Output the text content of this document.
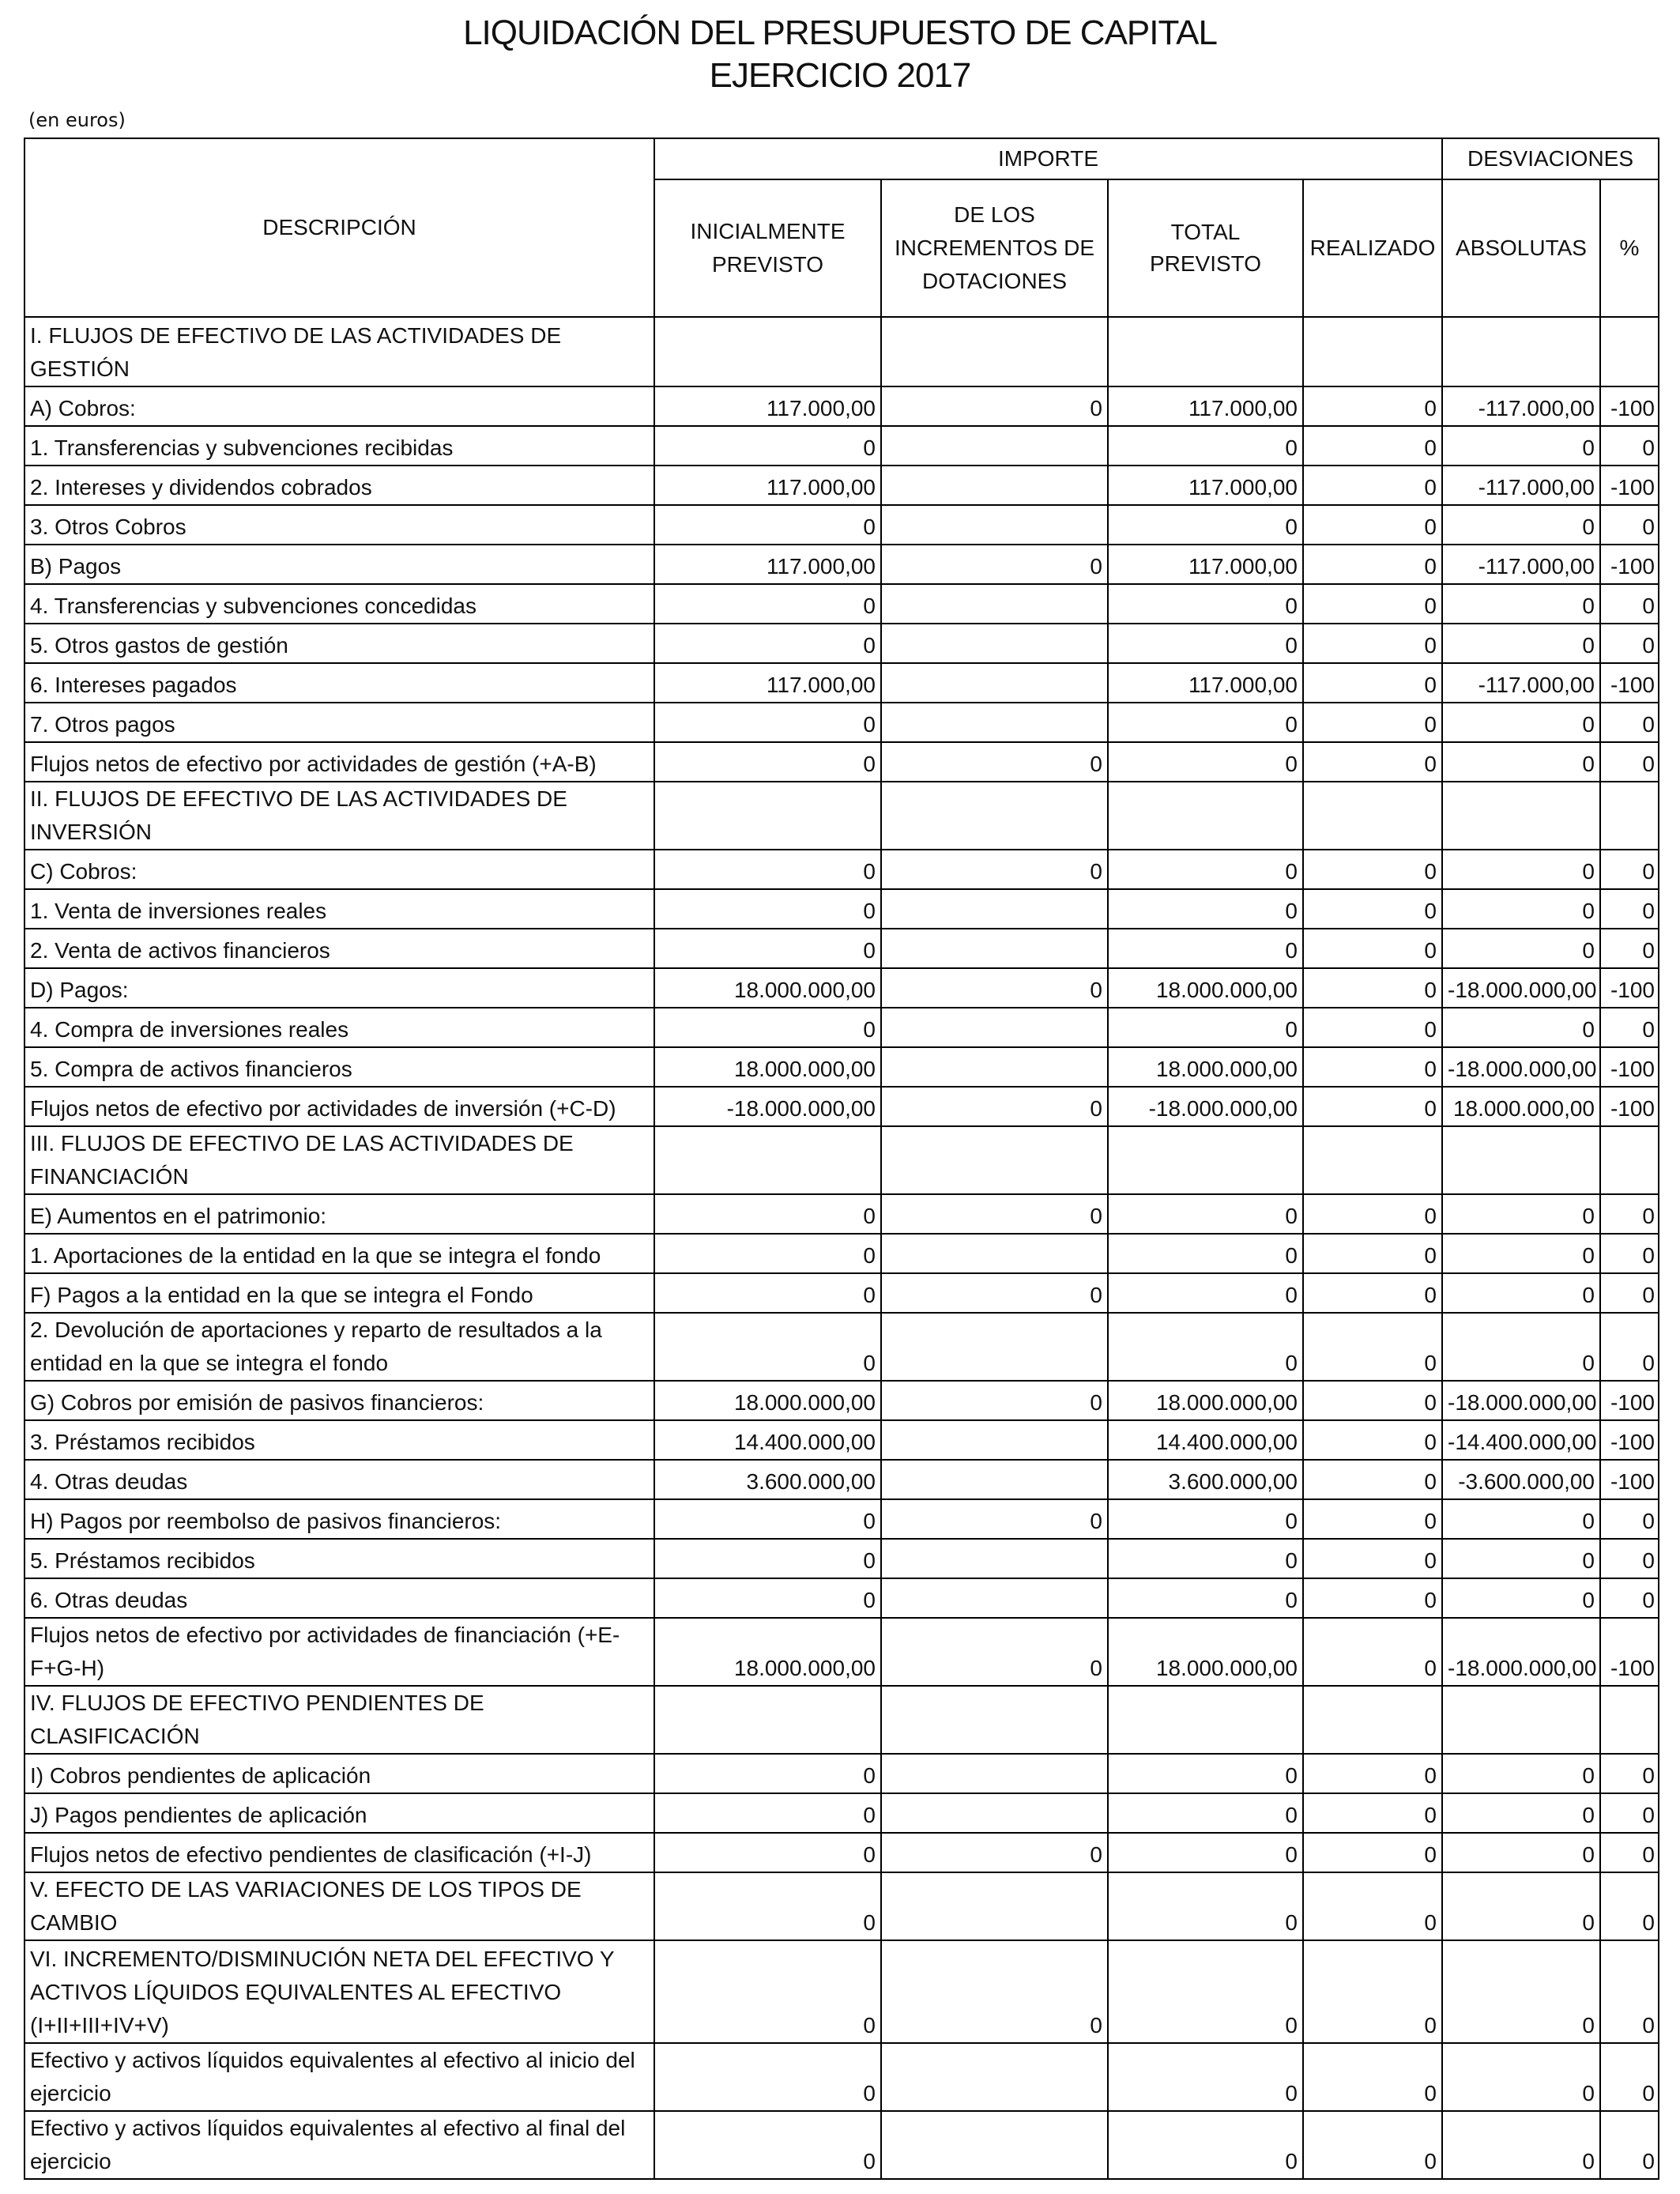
LIQUIDACIÓN DEL PRESUPUESTO DE CAPITAL
EJERCICIO 2017
(en euros)
DESCRIPCIÓN	IMPORTE				DESVIACIONES	
	INICIALMENTE PREVISTO	DE LOS INCREMENTOS DE DOTACIONES	TOTAL PREVISTO	REALIZADO	ABSOLUTAS	%
I. FLUJOS DE EFECTIVO DE LAS ACTIVIDADES DE GESTIÓN						
A) Cobros:	117.000,00	0	117.000,00	0	-117.000,00	-100
1. Transferencias y subvenciones recibidas	0		0	0	0	0
2. Intereses y dividendos cobrados	117.000,00		117.000,00	0	-117.000,00	-100
3. Otros Cobros	0		0	0	0	0
B) Pagos	117.000,00	0	117.000,00	0	-117.000,00	-100
4. Transferencias y subvenciones concedidas	0		0	0	0	0
5. Otros gastos de gestión	0		0	0	0	0
6. Intereses pagados	117.000,00		117.000,00	0	-117.000,00	-100
7. Otros pagos	0		0	0	0	0
Flujos netos de efectivo por actividades de gestión (+A-B)	0	0	0	0	0	0
II. FLUJOS DE EFECTIVO DE LAS ACTIVIDADES DE INVERSIÓN						
C) Cobros:	0	0	0	0	0	0
1. Venta de inversiones reales	0		0	0	0	0
2. Venta de activos financieros	0		0	0	0	0
D) Pagos:	18.000.000,00	0	18.000.000,00	0	-18.000.000,00	-100
4. Compra de inversiones reales	0		0	0	0	0
5. Compra de activos financieros	18.000.000,00		18.000.000,00	0	-18.000.000,00	-100
Flujos netos de efectivo por actividades de inversión (+C-D)	-18.000.000,00	0	-18.000.000,00	0	18.000.000,00	-100
III. FLUJOS DE EFECTIVO DE LAS ACTIVIDADES DE FINANCIACIÓN						
E) Aumentos en el patrimonio:	0	0	0	0	0	0
1. Aportaciones de la entidad en la que se integra el fondo	0		0	0	0	0
F) Pagos a la entidad en la que se integra el Fondo	0	0	0	0	0	0
2. Devolución de aportaciones y reparto de resultados a la entidad en la que se integra el fondo	0		0	0	0	0
G) Cobros por emisión de pasivos financieros:	18.000.000,00	0	18.000.000,00	0	-18.000.000,00	-100
3. Préstamos recibidos	14.400.000,00		14.400.000,00	0	-14.400.000,00	-100
4. Otras deudas	3.600.000,00		3.600.000,00	0	-3.600.000,00	-100
H) Pagos por reembolso de pasivos financieros:	0	0	0	0	0	0
5. Préstamos recibidos	0		0	0	0	0
6. Otras deudas	0		0	0	0	0
Flujos netos de efectivo por actividades de financiación (+E-F+G-H)	18.000.000,00	0	18.000.000,00	0	-18.000.000,00	-100
IV. FLUJOS DE EFECTIVO PENDIENTES DE CLASIFICACIÓN						
I) Cobros pendientes de aplicación	0		0	0	0	0
J) Pagos pendientes de aplicación	0		0	0	0	0
Flujos netos de efectivo pendientes de clasificación (+I-J)	0	0	0	0	0	0
V. EFECTO DE LAS VARIACIONES DE LOS TIPOS DE CAMBIO	0		0	0	0	0
VI. INCREMENTO/DISMINUCIÓN NETA DEL EFECTIVO Y ACTIVOS LÍQUIDOS EQUIVALENTES AL EFECTIVO (I+II+III+IV+V)	0	0	0	0	0	0
Efectivo y activos líquidos equivalentes al efectivo al inicio del ejercicio	0		0	0	0	0
Efectivo y activos líquidos equivalentes al efectivo al final del ejercicio	0		0	0	0	0
